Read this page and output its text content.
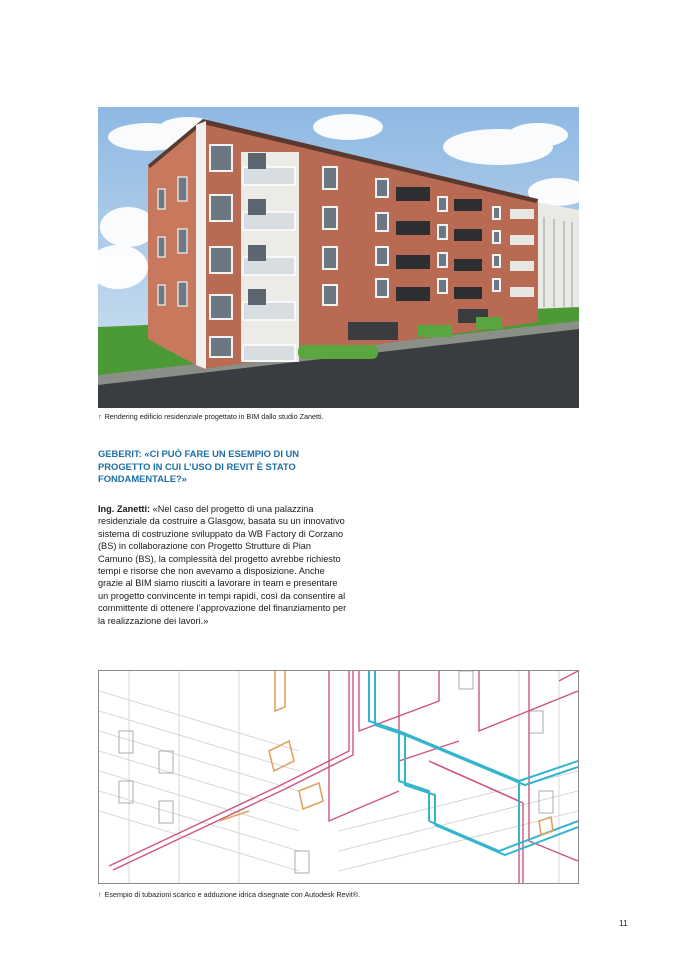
↑ Rendering edificio residenziale progettato in BIM dallo studio Zanetti.
GEBERIT: «CI PUÒ FARE UN ESEMPIO DI UN PROGETTO IN CUI L’USO DI REVIT È STATO FONDAMENTALE?»
Ing. Zanetti: «Nel caso del progetto di una palazzina residenziale da costruire a Glasgow, basata su un innovativo sistema di costruzione sviluppato da WB Factory di Corzano (BS) in collaborazione con Progetto Strutture di Pian Camuno (BS), la complessità del progetto avrebbe richiesto tempi e risorse che non avevamo a disposizione. Anche grazie al BIM siamo riusciti a lavorare in team e presentare un progetto convincente in tempi rapidi, così da consentire al committente di ottenere l’approvazione del finanziamento per la realizzazione dei lavori.»
↑ Esempio di tubazioni scarico e adduzione idrica disegnate con Autodesk Revit®.
11
